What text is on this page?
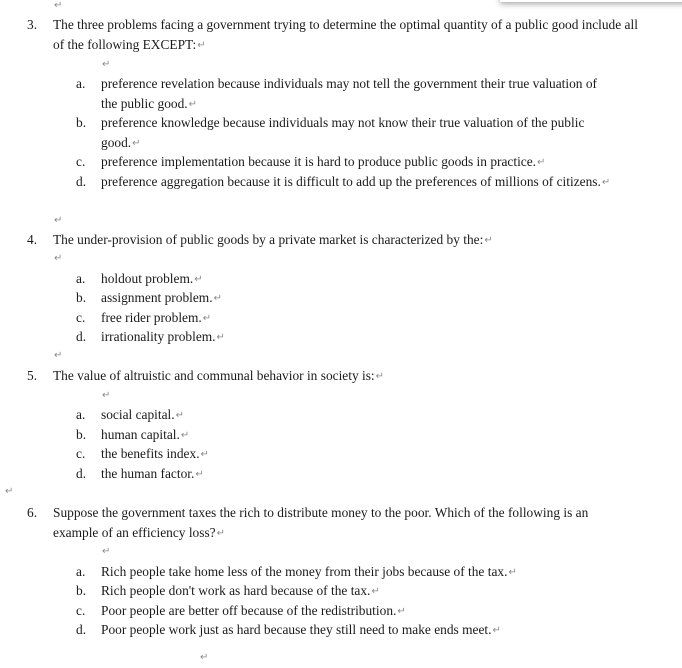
↵
3. The three problems facing a government trying to determine the optimal quantity of a public good include all of the following EXCEPT:↵
↵
a. preference revelation because individuals may not tell the government their true valuation of the public good.↵
b. preference knowledge because individuals may not know their true valuation of the public good.↵
c. preference implementation because it is hard to produce public goods in practice.↵
d. preference aggregation because it is difficult to add up the preferences of millions of citizens.↵
↵
4. The under-provision of public goods by a private market is characterized by the:↵
↵
a. holdout problem.↵
b. assignment problem.↵
c. free rider problem.↵
d. irrationality problem.↵
↵
5. The value of altruistic and communal behavior in society is:↵
↵
a. social capital.↵
b. human capital.↵
c. the benefits index.↵
d. the human factor.↵
↵
6. Suppose the government taxes the rich to distribute money to the poor. Which of the following is an example of an efficiency loss?↵
↵
a. Rich people take home less of the money from their jobs because of the tax.↵
b. Rich people don't work as hard because of the tax.↵
c. Poor people are better off because of the redistribution.↵
d. Poor people work just as hard because they still need to make ends meet.↵
↵
